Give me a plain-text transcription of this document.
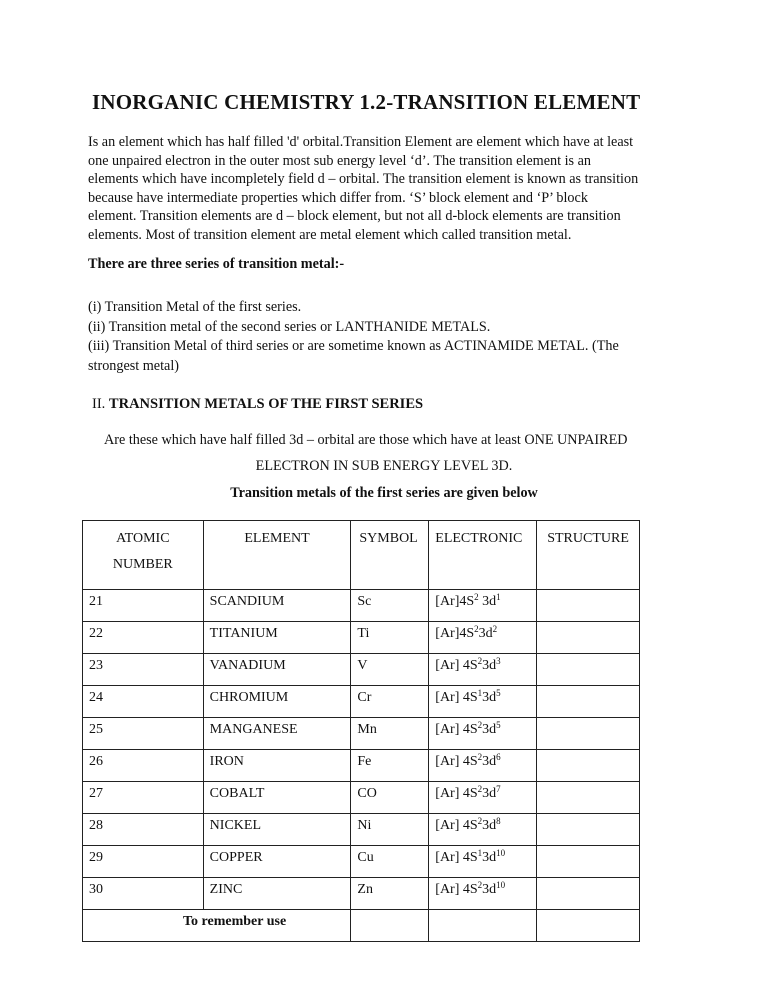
INORGANIC CHEMISTRY 1.2-TRANSITION ELEMENT
Is an element which has half filled 'd' orbital.Transition Element are element which have at least
one unpaired electron in the outer most sub energy level ‘d’. The transition element is an
elements which have incompletely field d – orbital. The transition element is known as transition
because have intermediate properties which differ from. ‘S’ block element and ‘P’ block
element. Transition elements are d – block element, but not all d-block elements are transition
elements. Most of transition element are metal element which called transition metal.
There are three series of transition metal:-
(i) Transition Metal of the first series.
(ii) Transition metal of the second series or LANTHANIDE METALS.
(iii) Transition Metal of third series or are sometime known as ACTINAMIDE METAL. (The
strongest metal)
II. TRANSITION METALS OF THE FIRST SERIES
Are these which have half filled 3d – orbital are those which have at least ONE UNPAIRED
ELECTRON IN SUB ENERGY LEVEL 3D.
Transition metals of the first series are given below
ATOMIC
NUMBER	ELEMENT	SYMBOL	ELECTRONIC	STRUCTURE
21	SCANDIUM	Sc	$[Ar]4S^2$ $3d^1$	
22	TITANIUM	Ti	$[Ar]4S^23d^2$	
23	VANADIUM	V	[Ar] $4S^23d^3$	
24	CHROMIUM	Cr	[Ar] $4S^13d^5$	
25	MANGANESE	Mn	[Ar] $4S^23d^5$	
26	IRON	Fe	[Ar] $4S^23d^6$	
27	COBALT	CO	[Ar] $4S^23d^7$	
28	NICKEL	Ni	[Ar] $4S^23d^8$	
29	COPPER	Cu	[Ar] $4S^13d^{10}$	
30	ZINC	Zn	[Ar] $4S^23d^{10}$	
To remember use				
